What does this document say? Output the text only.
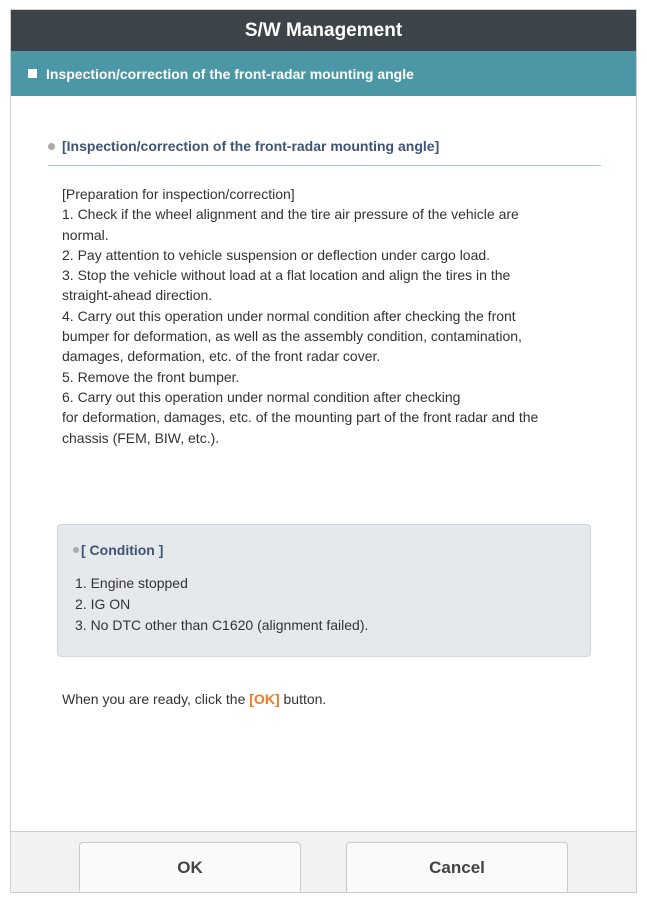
S/W Management
Inspection/correction of the front-radar mounting angle
[Inspection/correction of the front-radar mounting angle]
[Preparation for inspection/correction]
1. Check if the wheel alignment and the tire air pressure of the vehicle are
normal.
2. Pay attention to vehicle suspension or deflection under cargo load.
3. Stop the vehicle without load at a flat location and align the tires in the
straight-ahead direction.
4. Carry out this operation under normal condition after checking the front
bumper for deformation, as well as the assembly condition, contamination,
damages, deformation, etc. of the front radar cover.
5. Remove the front bumper.
6. Carry out this operation under normal condition after checking
for deformation, damages, etc. of the mounting part of the front radar and the
chassis (FEM, BIW, etc.).
[ Condition ]
1. Engine stopped
2. IG ON
3. No DTC other than C1620 (alignment failed).
When you are ready, click the [OK] button.
OK	Cancel
